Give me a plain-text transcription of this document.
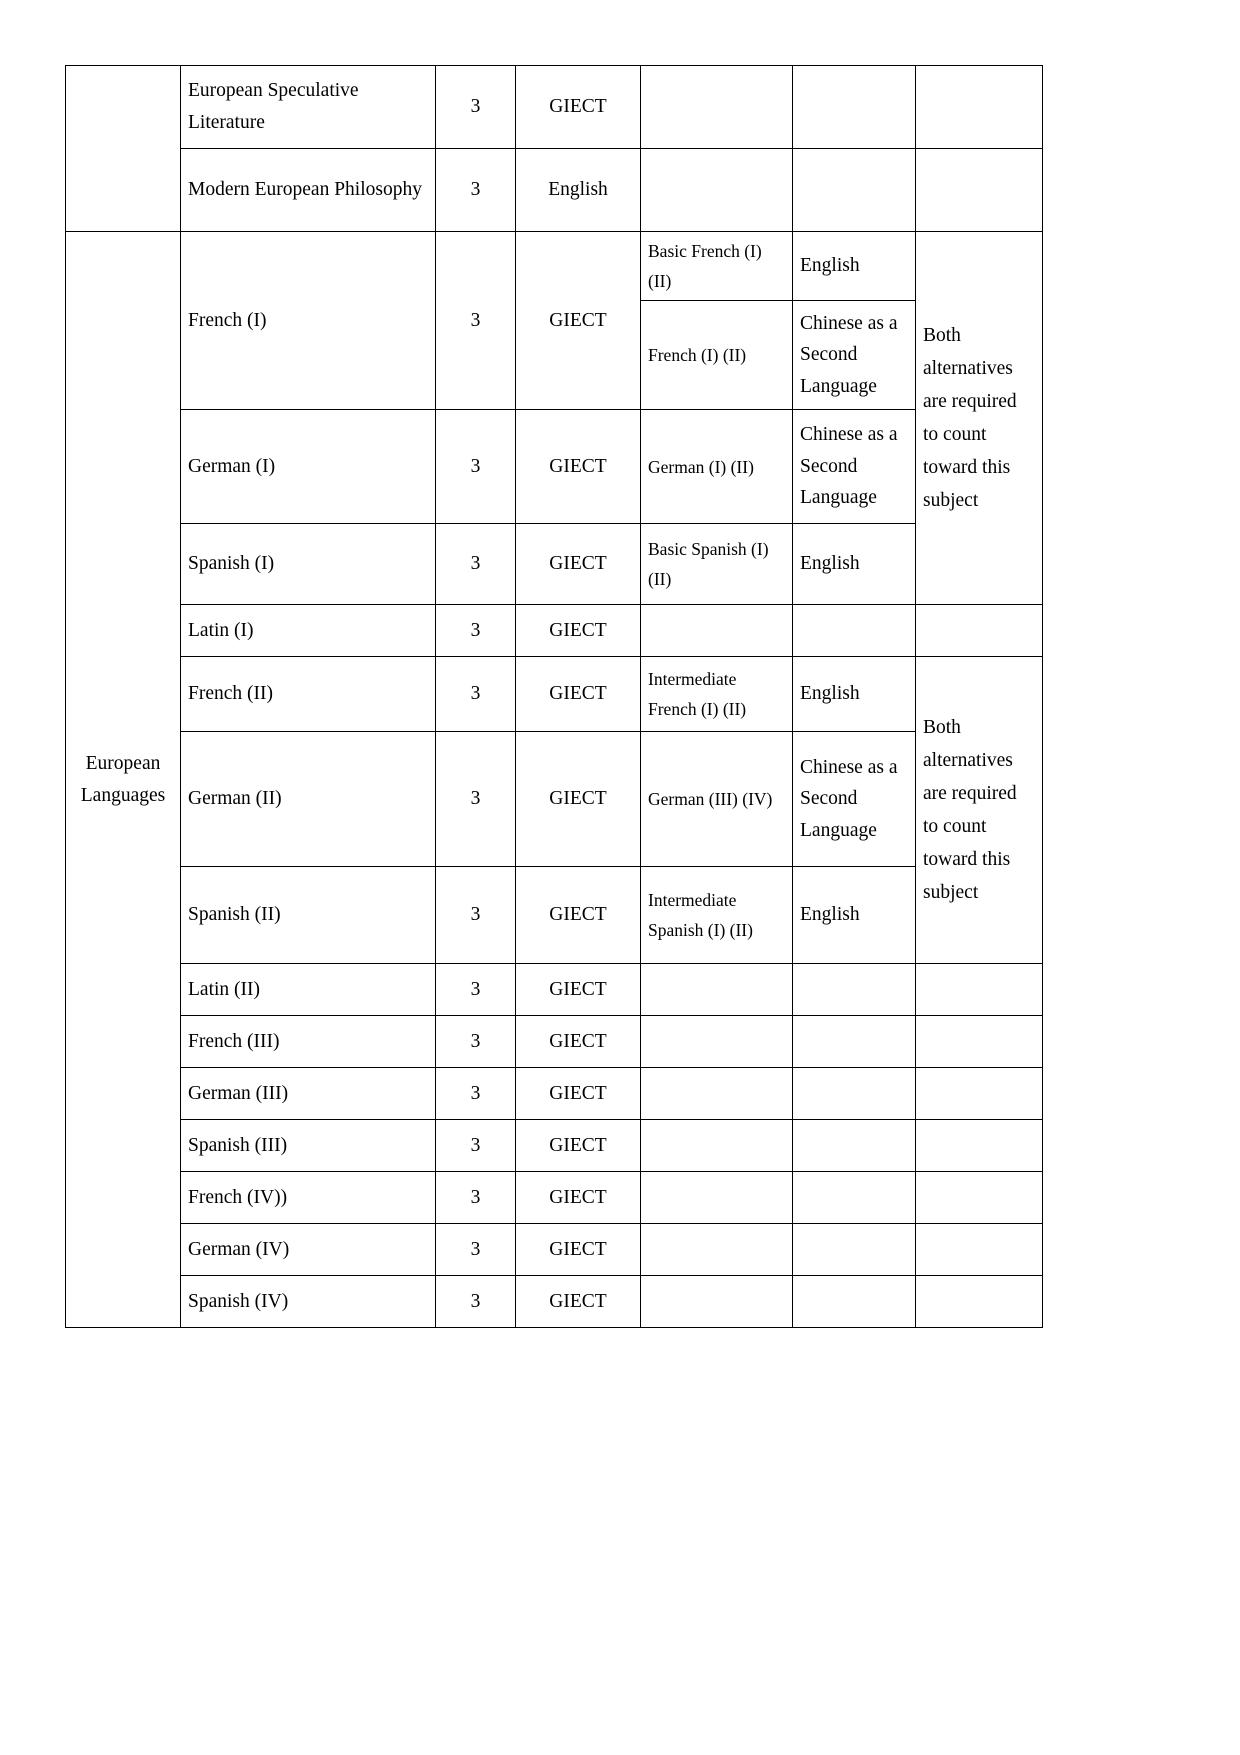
	European Speculative Literature	3	GIECT			
	Modern European Philosophy	3	English			
European Languages	French (I)	3	GIECT	Basic French (I) (II)	English	Both alternatives are required to count toward this subject
				French (I) (II)	Chinese as a Second Language	
	German (I)	3	GIECT	German (I) (II)	Chinese as a Second Language	
	Spanish (I)	3	GIECT	Basic Spanish (I) (II)	English	
	Latin (I)	3	GIECT			
	French (II)	3	GIECT	Intermediate French (I) (II)	English	Both alternatives are required to count toward this subject
	German (II)	3	GIECT	German (III) (IV)	Chinese as a Second Language	
	Spanish (II)	3	GIECT	Intermediate Spanish (I) (II)	English	
	Latin (II)	3	GIECT			
	French (III)	3	GIECT			
	German (III)	3	GIECT			
	Spanish (III)	3	GIECT			
	French (IV))	3	GIECT			
	German (IV)	3	GIECT			
	Spanish (IV)	3	GIECT			
